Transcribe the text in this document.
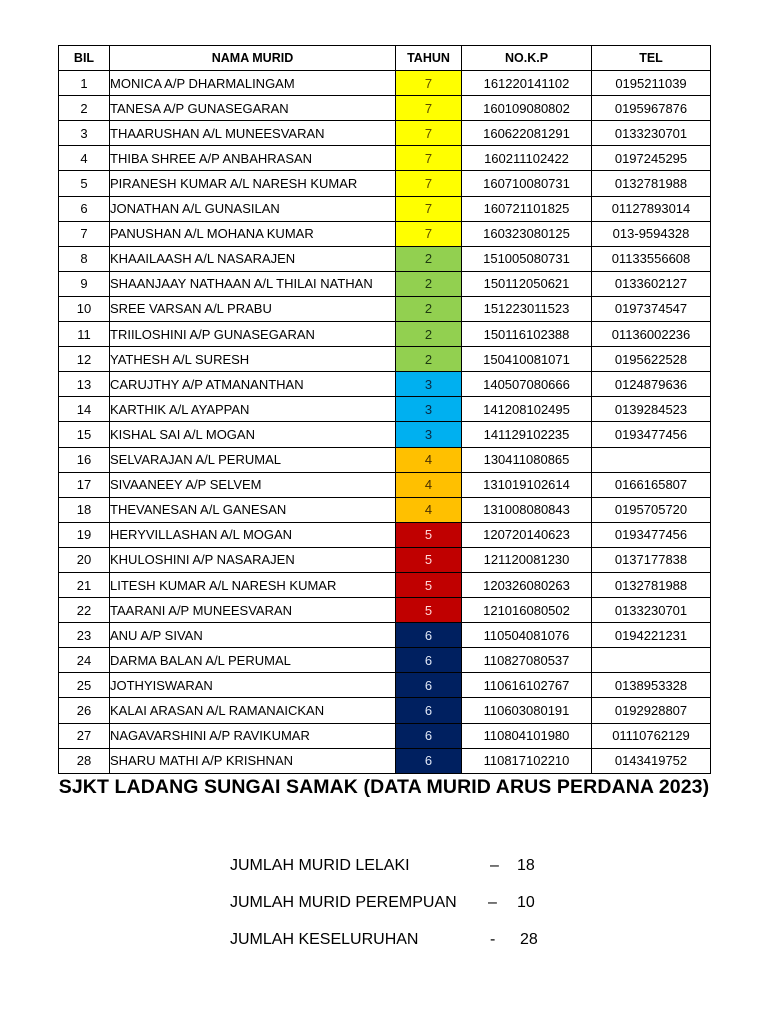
BIL	NAMA MURID	TAHUN	NO.K.P	TEL
1	MONICA A/P DHARMALINGAM	7	161220141102	0195211039
2	TANESA A/P GUNASEGARAN	7	160109080802	0195967876
3	THAARUSHAN A/L MUNEESVARAN	7	160622081291	0133230701
4	THIBA SHREE A/P ANBAHRASAN	7	160211102422	0197245295
5	PIRANESH KUMAR A/L NARESH KUMAR	7	160710080731	0132781988
6	JONATHAN A/L GUNASILAN	7	160721101825	01127893014
7	PANUSHAN A/L MOHANA KUMAR	7	160323080125	013-9594328
8	KHAAILAASH A/L NASARAJEN	2	151005080731	01133556608
9	SHAANJAAY NATHAAN A/L THILAI NATHAN	2	150112050621	0133602127
10	SREE VARSAN A/L PRABU	2	151223011523	0197374547
11	TRIILOSHINI A/P GUNASEGARAN	2	150116102388	01136002236
12	YATHESH A/L SURESH	2	150410081071	0195622528
13	CARUJTHY A/P ATMANANTHAN	3	140507080666	0124879636
14	KARTHIK A/L AYAPPAN	3	141208102495	0139284523
15	KISHAL SAI A/L MOGAN	3	141129102235	0193477456
16	SELVARAJAN A/L PERUMAL	4	130411080865	
17	SIVAANEEY A/P SELVEM	4	131019102614	0166165807
18	THEVANESAN A/L GANESAN	4	131008080843	0195705720
19	HERYVILLASHAN A/L MOGAN	5	120720140623	0193477456
20	KHULOSHINI A/P NASARAJEN	5	121120081230	0137177838
21	LITESH KUMAR A/L NARESH KUMAR	5	120326080263	0132781988
22	TAARANI A/P MUNEESVARAN	5	121016080502	0133230701
23	ANU A/P SIVAN	6	110504081076	0194221231
24	DARMA BALAN A/L PERUMAL	6	110827080537	
25	JOTHYISWARAN	6	110616102767	0138953328
26	KALAI ARASAN A/L RAMANAICKAN	6	110603080191	0192928807
27	NAGAVARSHINI A/P RAVIKUMAR	6	110804101980	01110762129
28	SHARU MATHI A/P KRISHNAN	6	110817102210	0143419752
SJKT LADANG SUNGAI SAMAK (DATA MURID ARUS PERDANA 2023)
JUMLAH MURID LELAKI	– 18
JUMLAH MURID PEREMPUAN – 10
JUMLAH KESELURUHAN	- 28
